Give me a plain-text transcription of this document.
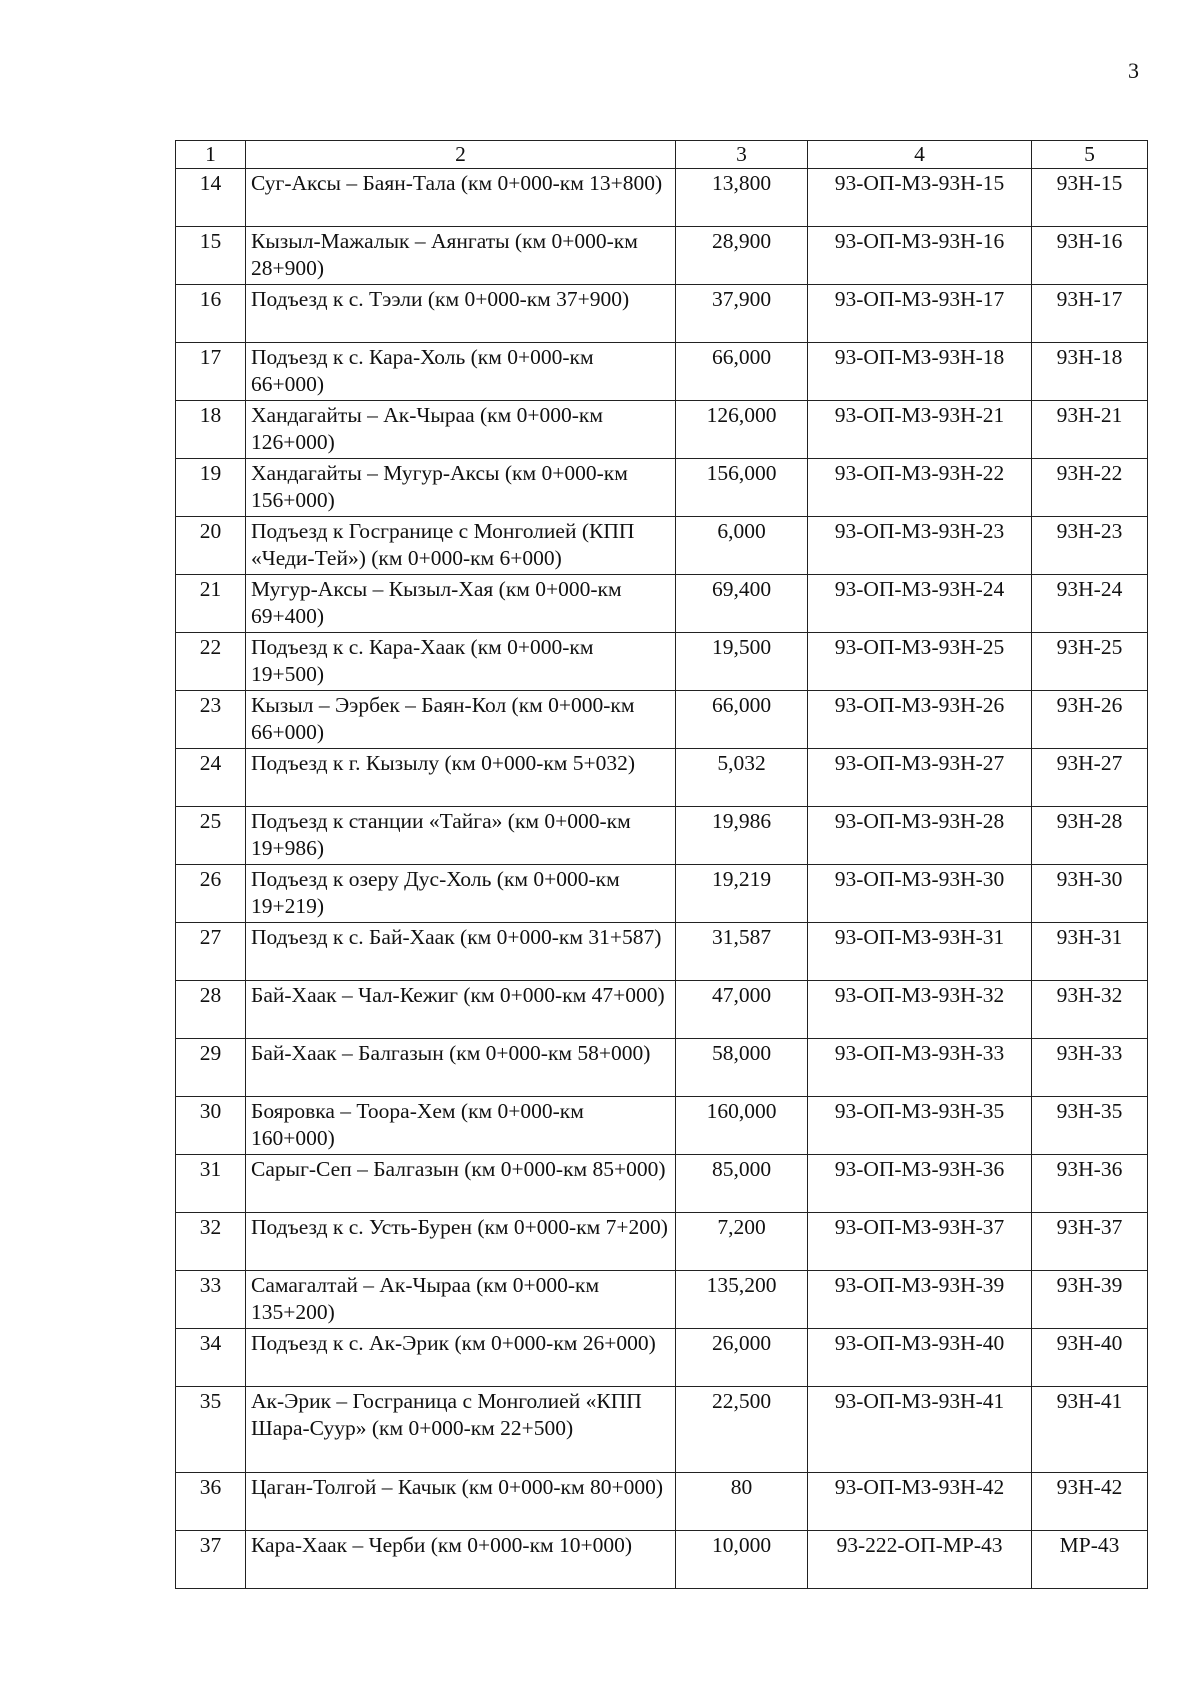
3
1	2	3	4	5
14	Суг-Аксы – Баян-Тала (км 0+000-км 13+800)	13,800	93-ОП-МЗ-93Н-15	93Н-15
15	Кызыл-Мажалык – Аянгаты (км 0+000-км 28+900)	28,900	93-ОП-МЗ-93Н-16	93Н-16
16	Подъезд к с. Тээли (км 0+000-км 37+900)	37,900	93-ОП-МЗ-93Н-17	93Н-17
17	Подъезд к с. Кара-Холь (км 0+000-км 66+000)	66,000	93-ОП-МЗ-93Н-18	93Н-18
18	Хандагайты – Ак-Чыраа (км 0+000-км 126+000)	126,000	93-ОП-МЗ-93Н-21	93Н-21
19	Хандагайты – Мугур-Аксы (км 0+000-км 156+000)	156,000	93-ОП-МЗ-93Н-22	93Н-22
20	Подъезд к Госгранице с Монголией (КПП «Чеди-Тей») (км 0+000-км 6+000)	6,000	93-ОП-МЗ-93Н-23	93Н-23
21	Мугур-Аксы – Кызыл-Хая (км 0+000-км 69+400)	69,400	93-ОП-МЗ-93Н-24	93Н-24
22	Подъезд к с. Кара-Хаак (км 0+000-км 19+500)	19,500	93-ОП-МЗ-93Н-25	93Н-25
23	Кызыл – Ээрбек – Баян-Кол (км 0+000-км 66+000)	66,000	93-ОП-МЗ-93Н-26	93Н-26
24	Подъезд к г. Кызылу (км 0+000-км 5+032)	5,032	93-ОП-МЗ-93Н-27	93Н-27
25	Подъезд к станции «Тайга» (км 0+000-км 19+986)	19,986	93-ОП-МЗ-93Н-28	93Н-28
26	Подъезд к озеру Дус-Холь (км 0+000-км 19+219)	19,219	93-ОП-МЗ-93Н-30	93Н-30
27	Подъезд к с. Бай-Хаак (км 0+000-км 31+587)	31,587	93-ОП-МЗ-93Н-31	93Н-31
28	Бай-Хаак – Чал-Кежиг (км 0+000-км 47+000)	47,000	93-ОП-МЗ-93Н-32	93Н-32
29	Бай-Хаак – Балгазын (км 0+000-км 58+000)	58,000	93-ОП-МЗ-93Н-33	93Н-33
30	Бояровка – Тоора-Хем (км 0+000-км 160+000)	160,000	93-ОП-МЗ-93Н-35	93Н-35
31	Сарыг-Сеп – Балгазын (км 0+000-км 85+000)	85,000	93-ОП-МЗ-93Н-36	93Н-36
32	Подъезд к с. Усть-Бурен (км 0+000-км 7+200)	7,200	93-ОП-МЗ-93Н-37	93Н-37
33	Самагалтай – Ак-Чыраа (км 0+000-км 135+200)	135,200	93-ОП-МЗ-93Н-39	93Н-39
34	Подъезд к с. Ак-Эрик (км 0+000-км 26+000)	26,000	93-ОП-МЗ-93Н-40	93Н-40
35	Ак-Эрик – Госграница с Монголией «КПП Шара-Суур» (км 0+000-км 22+500)	22,500	93-ОП-МЗ-93Н-41	93Н-41
36	Цаган-Толгой – Качык (км 0+000-км 80+000)	80	93-ОП-МЗ-93Н-42	93Н-42
37	Кара-Хаак – Черби (км 0+000-км 10+000)	10,000	93-222-ОП-МР-43	МР-43
